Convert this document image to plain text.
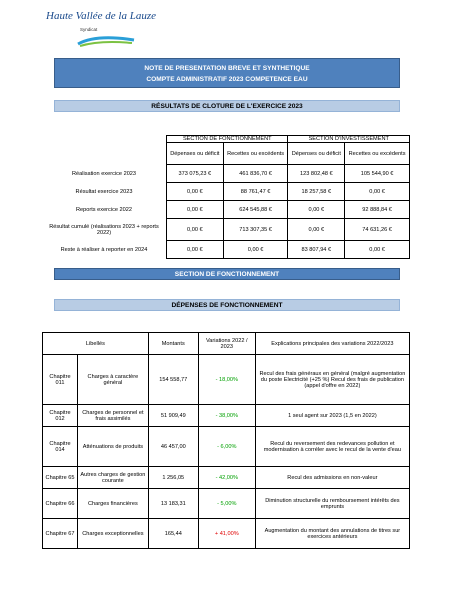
Haute Vallée de la Lauze
Syndicat
NOTE DE PRESENTATION BREVE ET SYNTHETIQUE
COMPTE ADMINISTRATIF 2023 COMPETENCE EAU
RÉSULTATS DE CLOTURE DE L'EXERCICE 2023
	SECTION DE FONCTIONNEMENT		SECTION D'INVESTISSEMENT	
	Dépenses ou déficit	Recettes ou excédents	Dépenses ou déficit	Recettes ou excédents
Réalisation exercice 2023	373 075,23 €	461 836,70 €	123 802,48 €	105 544,90 €
Résultat exercice 2023	0,00 €	88 761,47 €	18 257,58 €	0,00 €
Reports exercice 2022	0,00 €	624 545,88 €	0,00 €	92 888,84 €
Résultat cumulé (réalisations 2023 + reports 2022)	0,00 €	713 307,35 €	0,00 €	74 631,26 €
Reste à réaliser à reporter en 2024	0,00 €	0,00 €	83 807,94 €	0,00 €
SECTION DE FONCTIONNEMENT
DÉPENSES DE FONCTIONNEMENT
Libellés		Montants	Variations 2022 / 2023	Explications principales des variations 2022/2023
Chapitre 011	Charges à caractère général	154 558,77	- 18,00%	Recul des frais généraux en général (malgré augmentation du poste Electricité (+25 %) Recul des frais de publication (appel d'offre en 2022)
Chapitre 012	Charges de personnel et frais assimilés	51 909,49	- 38,00%	1 seul agent sur 2023 (1,5 en 2022)
Chapitre 014	Atténuations de produits	46 457,00	- 6,00%	Recul du reversement des redevances pollution et modernisation à corréler avec le recul de la vente d'eau
Chapitre 65	Autres charges de gestion courante	1 256,05	- 42,00%	Recul des admissions en non-valeur
Chapitre 66	Charges financières	13 183,31	- 5,00%	Diminution structurelle du remboursement intérêts des emprunts
Chapitre 67	Charges exceptionnelles	165,44	+ 41,00%	Augmentation du montant des annulations de titres sur exercices antérieurs
